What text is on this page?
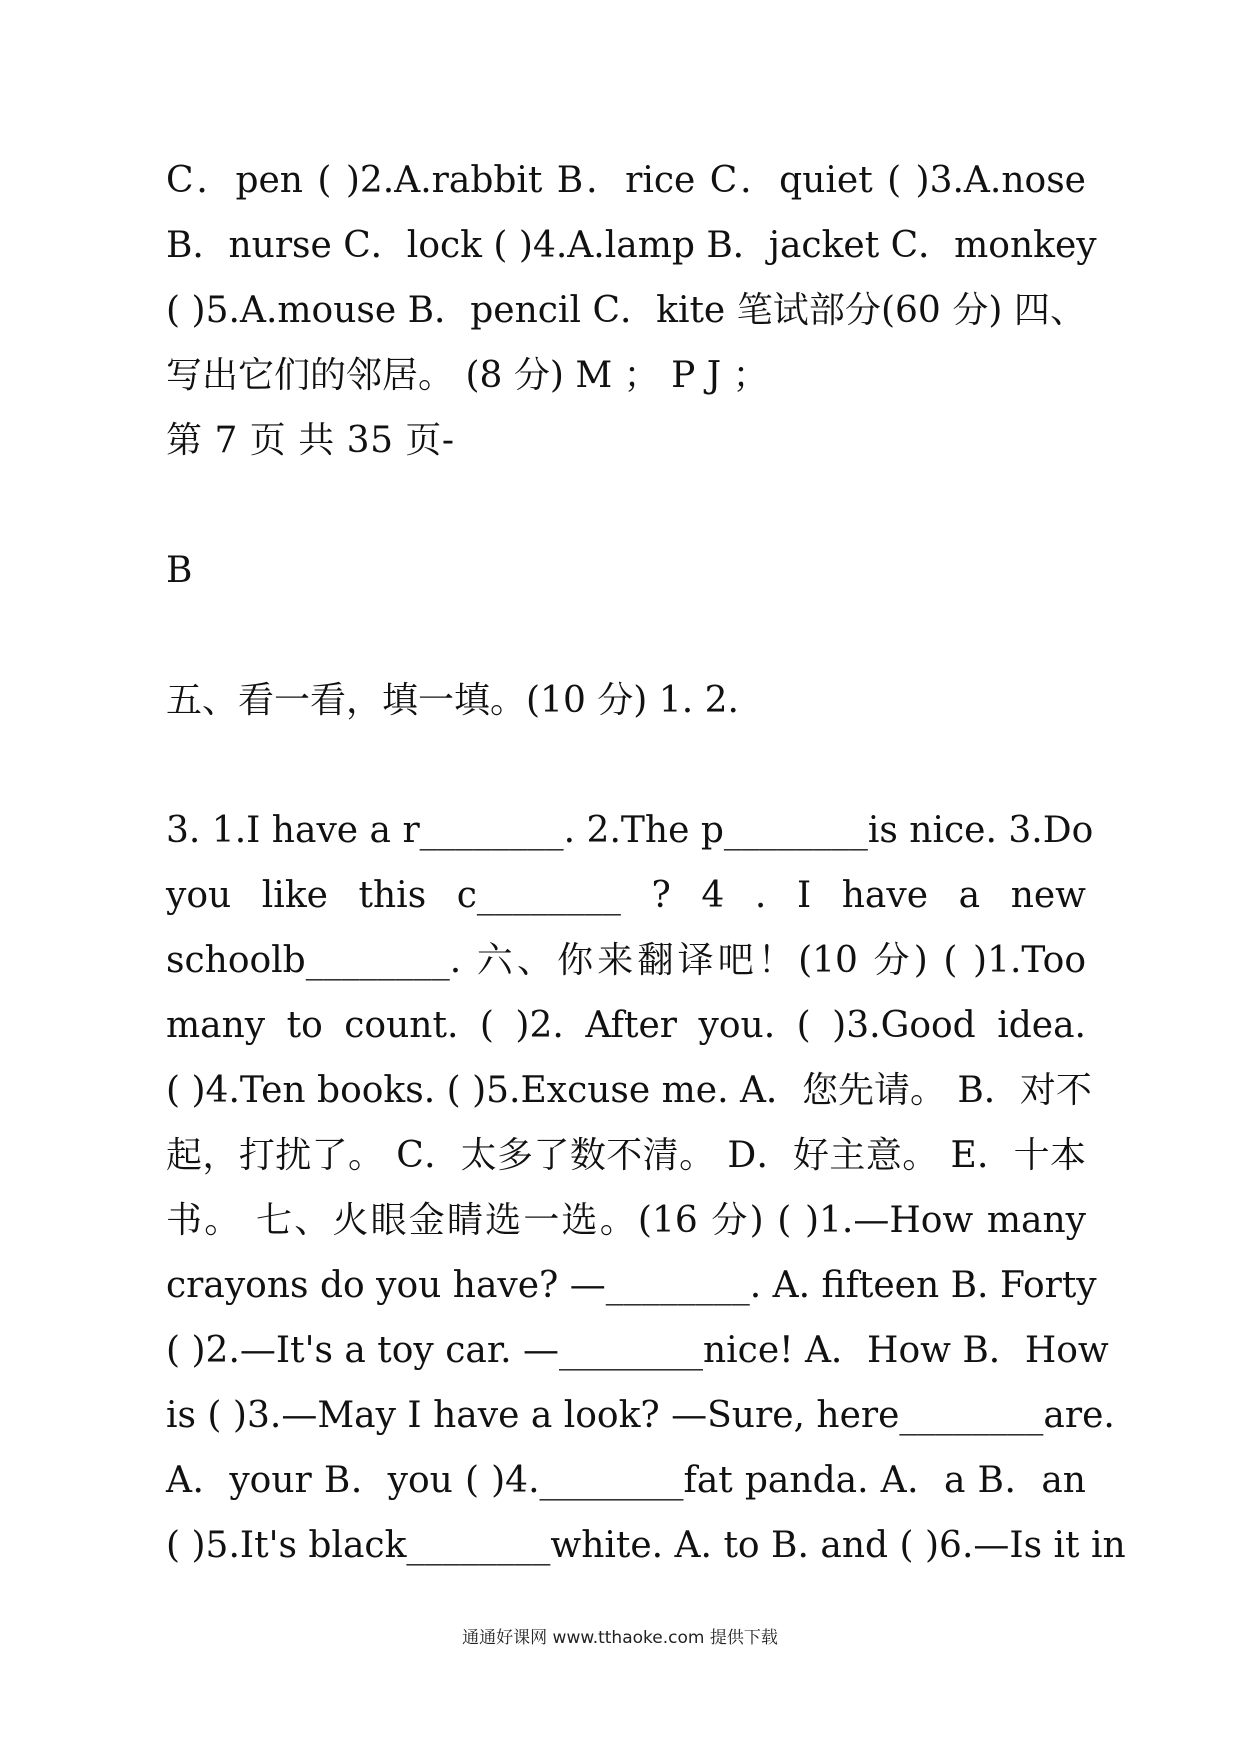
C．pen ( )2.A.rabbit B．rice C．quiet ( )3.A.nose
B．nurse C．lock ( )4.A.lamp B．jacket C．monkey
( )5.A.mouse B．pencil C．kite 笔试部分(60 分) 四、
写出它们的邻居。 (8 分) M ； P J ；
第 7 页 共 35 页-
B
五、看一看，填一填。(10 分) 1. 2.
3. 1.I have a r________. 2.The p________is nice. 3.Do
you like this c________ ? 4 . I have a new
schoolb________. 六、你来翻译吧！(10 分) ( )1.Too
many to count. ( )2. After you. ( )3.Good idea.
( )4.Ten books. ( )5.Excuse me. A．您先请。 B．对不
起，打扰了。 C．太多了数不清。 D．好主意。 E．十本
书。 七、火眼金睛选一选。(16 分) ( )1.—How many
crayons do you have? —________. A. fifteen B. Forty
( )2.—It's a toy car. —________nice! A．How B．How
is ( )3.—May I have a look? —Sure, here________are.
A．your B．you ( )4.________fat panda. A．a B．an
( )5.It's black________white. A. to B. and ( )6.—Is it in
通通好课网 www.tthaoke.com 提供下载
